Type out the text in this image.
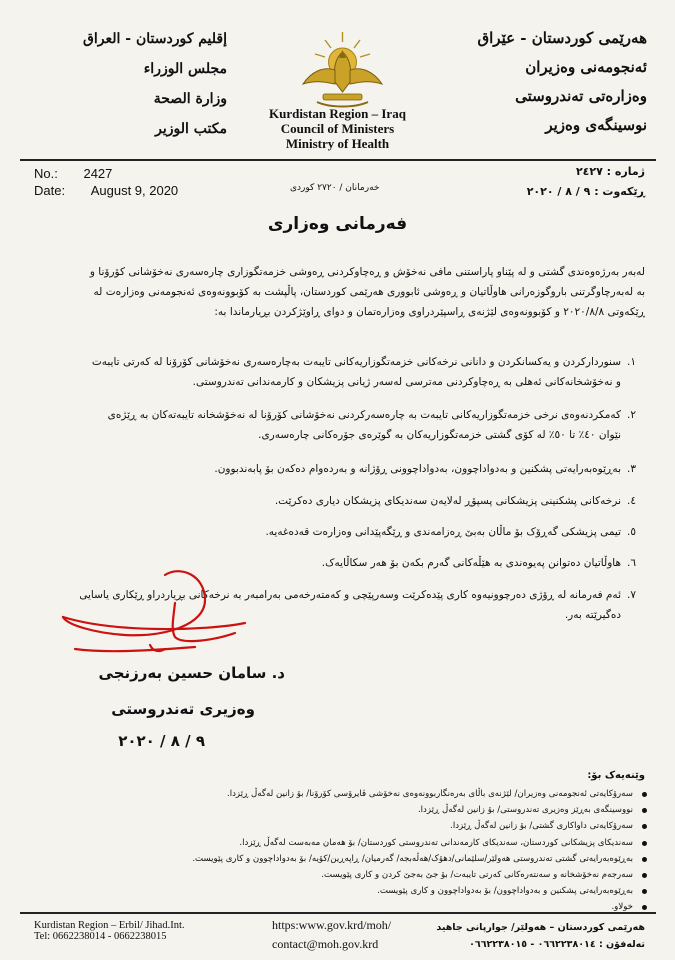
هەرێمی کوردستان - عێراق
ئەنجومەنی وەزیران
وەزارەتی تەندروستی
نوسینگەی وەزیر
إقليم كوردستان - العراق
مجلس الوزراء
وزارة الصحة
مكتب الوزير
Kurdistan Region – Iraq
Council of Ministers
Ministry of Health
No.: 2427
Date: August 9, 2020
ژمارە : ٢٤٢٧
ڕێکەوت : ٩ / ٨ / ٢٠٢٠
خەرمانان / ٢٧٢٠ کوردی
فەرمانی وەزاری
لەبەر بەرژەوەندی گشتی و لە پێناو پاراستنی مافی نەخۆش و ڕەچاوکردنی ڕەوشی خزمەتگوزاری چارەسەری نەخۆشانی کۆرۆنا و
بە لەبەرچاوگرتنی باروگوزەرانی هاوڵاتیان و ڕەوشی ئابووری هەرێمی کوردستان، پاڵپشت بە کۆبوونەوەی ئەنجومەنی وەزارەت لە
ڕێکەوتی ٢٠٢٠/٨/٨ و کۆبوونەوەی لێژنەی ڕاسپێردراوی وەزارەتمان و دوای ڕاوێژکردن بڕیارماندا بە:
١.
سنوردارکردن و یەکسانکردن و دانانی نرخەکانی خزمەتگوزاریەکانی تایبەت بەچارەسەری نەخۆشانی کۆرۆنا لە کەرتی تایبەت
و نەخۆشخانەکانی ئەهلی بە ڕەچاوکردنی مەترسی لەسەر ژیانی پزیشکان و کارمەندانی تەندروستی.
٢.
کەمکردنەوەی نرخی خزمەتگوزاریەکانی تایبەت بە چارەسەرکردنی نەخۆشانی کۆرۆنا لە نەخۆشخانە تایبەتەکان بە ڕێژەی
نێوان ٤٠٪ تا ٥٠٪ لە کۆی گشتی خزمەتگوزاریەکان بە گوێرەی جۆرەکانی چارەسەری.
٣.
بەڕێوەبەرایەتی پشکنین و بەدواداچوون، بەدواداچوونی ڕۆژانە و بەردەوام دەکەن بۆ پابەندبوون.
٤.
نرخەکانی پشکنینی پزیشکانی پسپۆڕ لەلایەن سەندیکای پزیشکان دیاری دەکرێت.
٥.
تیمی پزیشکی گەڕۆک بۆ ماڵان بەبێ ڕەزامەندی و ڕێگەپێدانی وەزارەت قەدەغەیە.
٦.
هاوڵاتیان دەتوانن پەیوەندی بە هێڵەکانی گەرم بکەن بۆ هەر سکاڵایەک.
٧.
ئەم فەرمانە لە ڕۆژی دەرچوونیەوە کاری پێدەکرێت وسەرپێچی و کەمتەرخەمی بەرامبەر بە نرخەکانی بڕیاردراو ڕێکاری یاسایی
دەگیرێتە بەر.
د. سامان حسین بەرزنجی
وەزیری تەندروستی
٩ / ٨ / ٢٠٢٠
وێنەیەک بۆ:
سەرۆکایەتی ئەنجومەنی وەزیران/ لێژنەی باڵای بەرەنگاربوونەوەی نەخۆشی ڤایرۆسی کۆرۆنا/ بۆ زانین لەگەڵ ڕێزدا.
نووسینگەی بەڕێز وەزیری تەندروستی/ بۆ زانین لەگەڵ ڕێزدا.
سەرۆکایەتی داواکاری گشتی/ بۆ زانین لەگەڵ ڕێزدا.
سەندیکای پزیشکانی کوردستان، سەندیکای کارمەندانی تەندروستی کوردستان/ بۆ هەمان مەبەست لەگەڵ ڕێزدا.
بەڕێوەبەرایەتی گشتی تەندروستی هەولێر/سلێمانی/دهۆک/هەڵەبجە/ گەرمیان/ ڕاپەڕین/کۆیە/ بۆ بەدواداچوون و کاری پێویست.
سەرجەم نەخۆشخانە و سەنتەرەکانی کەرتی تایبەت/ بۆ جێ بەجێ کردن و کاری پێویست.
بەڕێوەبەرایەتی پشکنین و بەدواداچوون/ بۆ بەدواداچوون و کاری پێویست.
خولاو.
Kurdistan Region – Erbil/ Jihad.Int.
Tel: 0662238014 - 0662238015
https:www.gov.krd/moh/
contact@moh.gov.krd
هەرێمی کوردستان – هەولێر/ جوارپانی جاهید
تەلەفۆن : ٠٦٦٢٢٣٨٠١٤ - ٠٦٦٢٢٣٨٠١٥
